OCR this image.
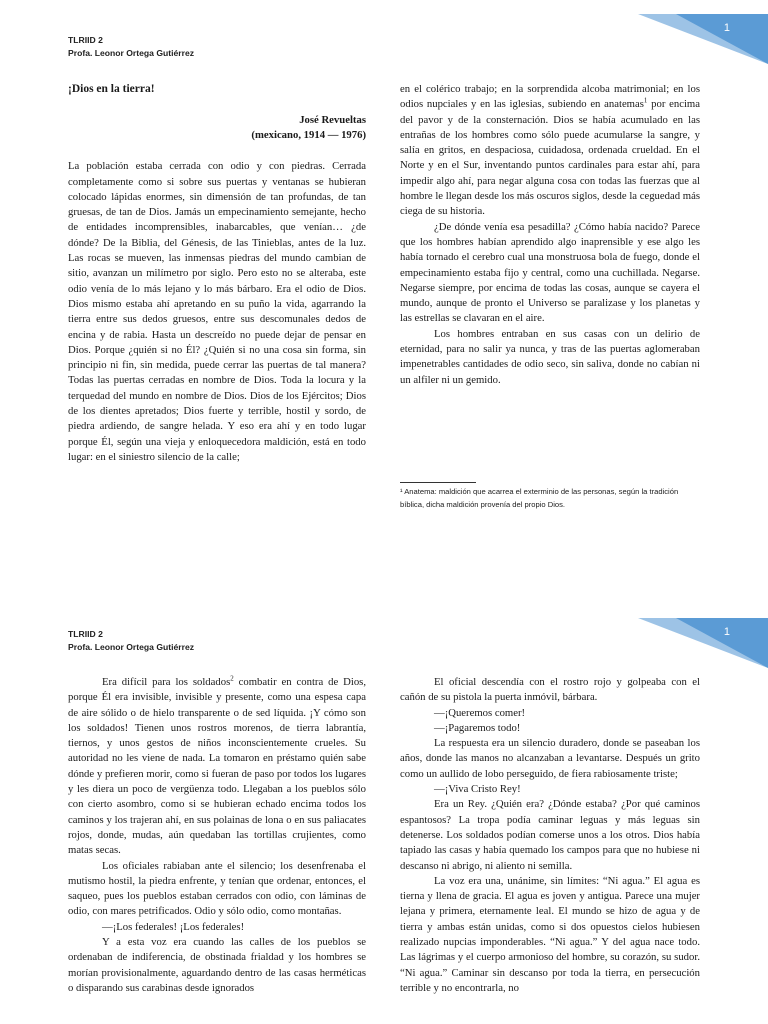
1
TLRIID 2
Profa. Leonor Ortega Gutiérrez

¡Dios en la tierra!

José Revueltas
(mexicano, 1914 — 1976)

La población estaba cerrada con odio y con piedras. Cerrada completamente como si sobre sus puertas y ventanas se hubieran colocado lápidas enormes, sin dimensión de tan profundas, de tan gruesas, de tan de Dios. Jamás un empecinamiento semejante, hecho de entidades incomprensibles, inabarcables, que venían… ¿de dónde? De la Biblia, del Génesis, de las Tinieblas, antes de la luz. Las rocas se mueven, las inmensas piedras del mundo cambian de sitio, avanzan un milímetro por siglo. Pero esto no se alteraba, este odio venía de lo más lejano y lo más bárbaro. Era el odio de Dios. Dios mismo estaba ahí apretando en su puño la vida, agarrando la tierra entre sus dedos gruesos, entre sus descomunales dedos de encina y de rabia. Hasta un descreído no puede dejar de pensar en Dios. Porque ¿quién si no Él? ¿Quién si no una cosa sin forma, sin principio ni fin, sin medida, puede cerrar las puertas de tal manera? Todas las puertas cerradas en nombre de Dios. Toda la locura y la terquedad del mundo en nombre de Dios. Dios de los Ejércitos; Dios de los dientes apretados; Dios fuerte y terrible, hostil y sordo, de piedra ardiendo, de sangre helada. Y eso era ahí y en todo lugar porque Él, según una vieja y enloquecedora maldición, está en todo lugar: en el siniestro silencio de la calle;

en el colérico trabajo; en la sorprendida alcoba matrimonial; en los odios nupciales y en las iglesias, subiendo en anatemas$^1$ por encima del pavor y de la consternación. Dios se había acumulado en las entrañas de los hombres como sólo puede acumularse la sangre, y salía en gritos, en despaciosa, cuidadosa, ordenada crueldad. En el Norte y en el Sur, inventando puntos cardinales para estar ahí, para impedir algo ahí, para negar alguna cosa con todas las fuerzas que al hombre le llegan desde los más oscuros siglos, desde la ceguedad más ciega de su historia.

¿De dónde venía esa pesadilla? ¿Cómo había nacido? Parece que los hombres habían aprendido algo inaprensible y ese algo les había tornado el cerebro cual una monstruosa bola de fuego, donde el empecinamiento estaba fijo y central, como una cuchillada. Negarse. Negarse siempre, por encima de todas las cosas, aunque se cayera el mundo, aunque de pronto el Universo se paralizase y los planetas y las estrellas se clavaran en el aire.

Los hombres entraban en sus casas con un delirio de eternidad, para no salir ya nunca, y tras de las puertas aglomeraban impenetrables cantidades de odio seco, sin saliva, donde no cabían ni un alfiler ni un gemido.

¹ Anatema: maldición que acarrea el exterminio de las personas, según la tradición bíblica, dicha maldición provenía del propio Dios.
1
TLRIID 2
Profa. Leonor Ortega Gutiérrez

Era difícil para los soldados$^2$ combatir en contra de Dios, porque Él era invisible, invisible y presente, como una espesa capa de aire sólido o de hielo transparente o de sed líquida. ¡Y cómo son los soldados! Tienen unos rostros morenos, de tierra labrantía, tiernos, y unos gestos de niños inconscientemente crueles. Su autoridad no les viene de nada. La tomaron en préstamo quién sabe dónde y prefieren morir, como si fueran de paso por todos los lugares y les diera un poco de vergüenza todo. Llegaban a los pueblos sólo con cierto asombro, como si se hubieran echado encima todos los caminos y los trajeran ahí, en sus polainas de lona o en sus paliacates rojos, donde, mudas, aún quedaban las tortillas crujientes, como matas secas.

Los oficiales rabiaban ante el silencio; los desenfrenaba el mutismo hostil, la piedra enfrente, y tenían que ordenar, entonces, el saqueo, pues los pueblos estaban cerrados con odio, con láminas de odio, con mares petrificados. Odio y sólo odio, como montañas.

—¡Los federales! ¡Los federales!

Y a esta voz era cuando las calles de los pueblos se ordenaban de indiferencia, de obstinada frialdad y los hombres se morían provisionalmente, aguardando dentro de las casas herméticas o disparando sus carabinas desde ignorados

El oficial descendía con el rostro rojo y golpeaba con el cañón de su pistola la puerta inmóvil, bárbara.

—¡Queremos comer!

—¡Pagaremos todo!

La respuesta era un silencio duradero, donde se paseaban los años, donde las manos no alcanzaban a levantarse. Después un grito como un aullido de lobo perseguido, de fiera rabiosamente triste;

—¡Viva Cristo Rey!

Era un Rey. ¿Quién era? ¿Dónde estaba? ¿Por qué caminos espantosos? La tropa podía caminar leguas y más leguas sin detenerse. Los soldados podían comerse unos a los otros. Dios había tapiado las casas y había quemado los campos para que no hubiese ni descanso ni abrigo, ni aliento ni semilla.

La voz era una, unánime, sin límites: “Ni agua.” El agua es tierna y llena de gracia. El agua es joven y antigua. Parece una mujer lejana y primera, eternamente leal. El mundo se hizo de agua y de tierra y ambas están unidas, como si dos opuestos cielos hubiesen realizado nupcias imponderables. “Ni agua.” Y del agua nace todo. Las lágrimas y el cuerpo armonioso del hombre, su corazón, su sudor. “Ni agua.” Caminar sin descanso por toda la tierra, en persecución terrible y no encontrarla, no
